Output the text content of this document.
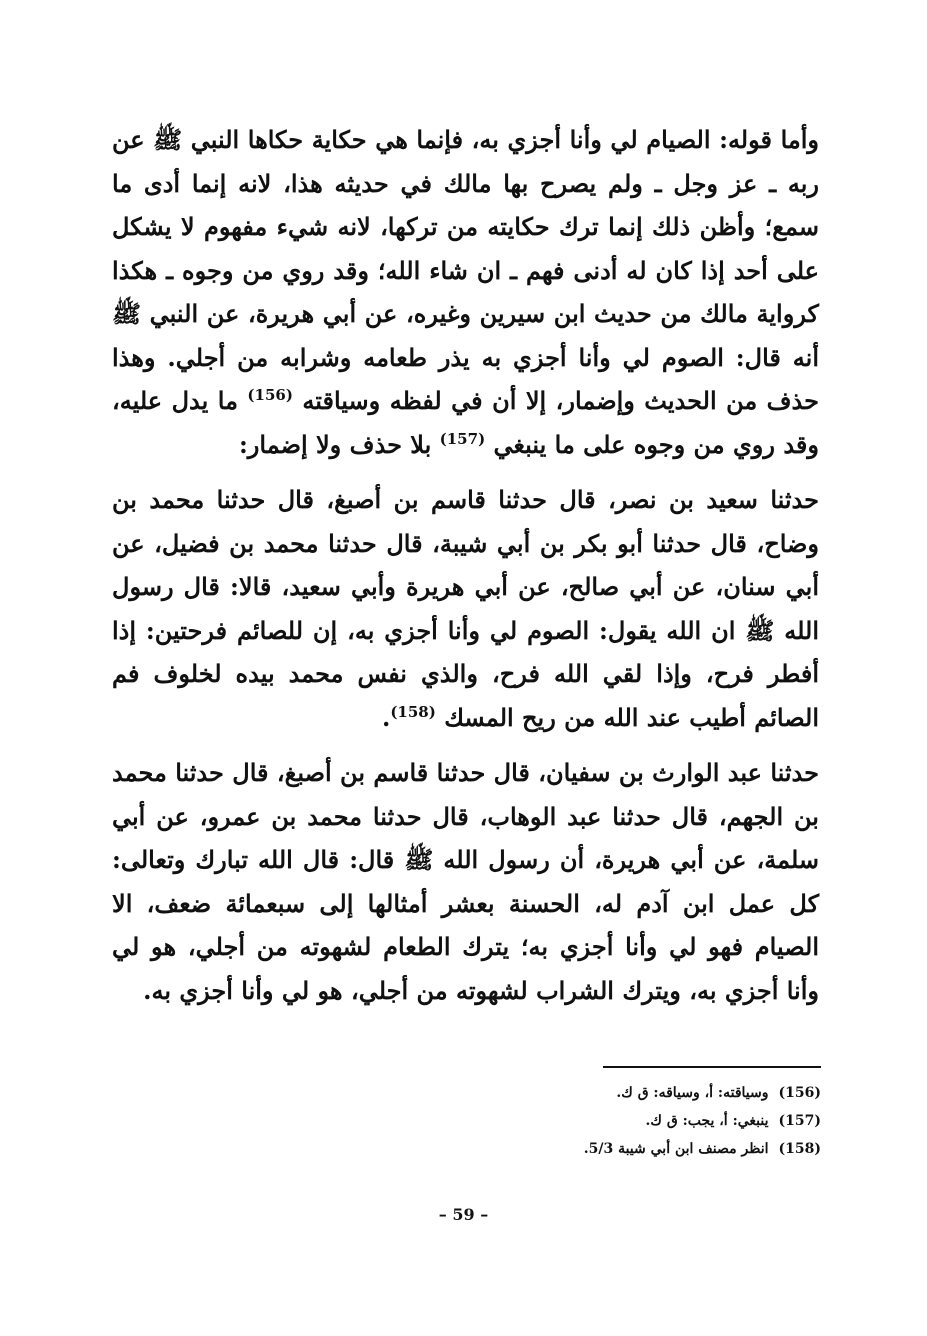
وأما قوله: الصيام لي وأنا أجزي به، فإنما هي حكاية حكاها النبي ﷺ عن ربه ـ عز وجل ـ ولم يصرح بها مالك في حديثه هذا، لانه إنما أدى ما سمع؛ وأظن ذلك إنما ترك حكايته من تركها، لانه شيء مفهوم لا يشكل على أحد إذا كان له أدنى فهم ـ ان شاء الله؛ وقد روي من وجوه ـ هكذا كرواية مالك من حديث ابن سيرين وغيره، عن أبي هريرة، عن النبي ﷺ أنه قال: الصوم لي وأنا أجزي به يذر طعامه وشرابه من أجلي. وهذا حذف من الحديث وإضمار، إلا أن في لفظه وسياقته $^{(156)}$ ما يدل عليه، وقد روي من وجوه على ما ينبغي $^{(157)}$ بلا حذف ولا إضمار:

حدثنا سعيد بن نصر، قال حدثنا قاسم بن أصبغ، قال حدثنا محمد بن وضاح، قال حدثنا أبو بكر بن أبي شيبة، قال حدثنا محمد بن فضيل، عن أبي سنان، عن أبي صالح، عن أبي هريرة وأبي سعيد، قالا: قال رسول الله ﷺ ان الله يقول: الصوم لي وأنا أجزي به، إن للصائم فرحتين: إذا أفطر فرح، وإذا لقي الله فرح، والذي نفس محمد بيده لخلوف فم الصائم أطيب عند الله من ريح المسك $^{(158)}$.

حدثنا عبد الوارث بن سفيان، قال حدثنا قاسم بن أصبغ، قال حدثنا محمد بن الجهم، قال حدثنا عبد الوهاب، قال حدثنا محمد بن عمرو، عن أبي سلمة، عن أبي هريرة، أن رسول الله ﷺ قال: قال الله تبارك وتعالى: كل عمل ابن آدم له، الحسنة بعشر أمثالها إلى سبعمائة ضعف، الا الصيام فهو لي وأنا أجزي به؛ يترك الطعام لشهوته من أجلي، هو لي وأنا أجزي به، ويترك الشراب لشهوته من أجلي، هو لي وأنا أجزي به.

(156)وسياقته: أ، وسياقه: ق ك.
(157)ينبغي: أ، يجب: ق ك.
(158)انظر مصنف ابن أبي شيبة 5/3.
– 59 –
